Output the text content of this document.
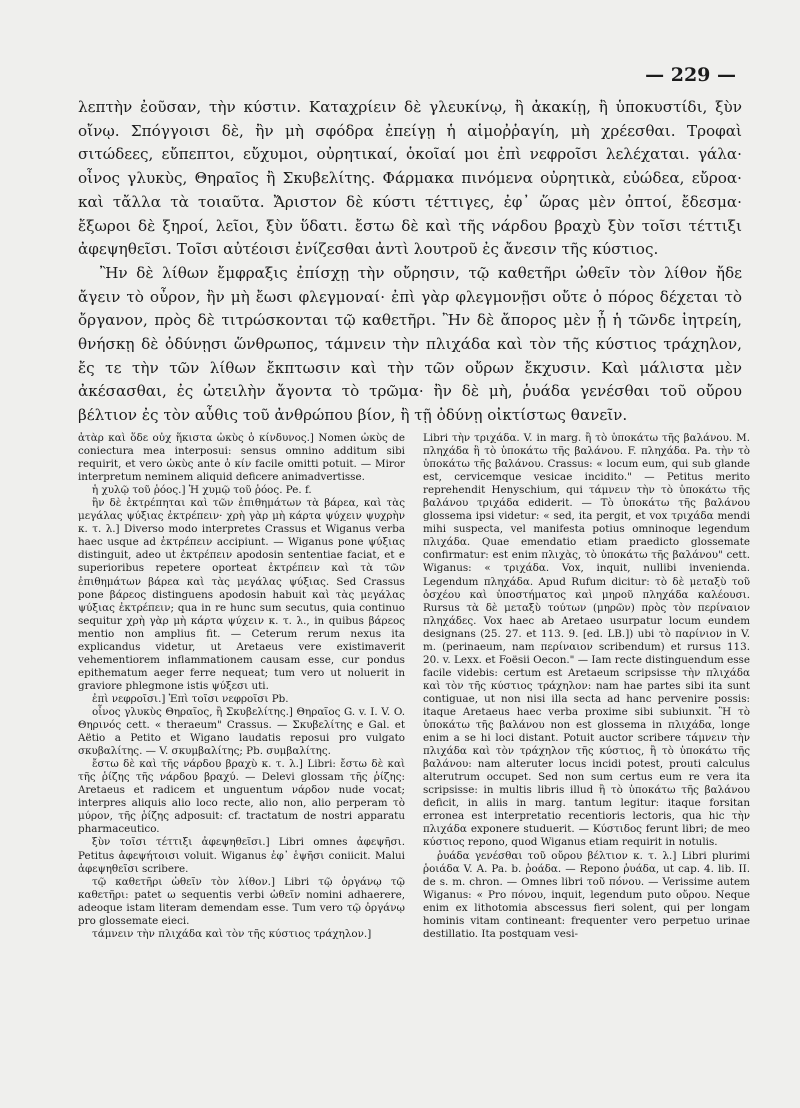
— 229 —

λεπτὴν ἐοῦσαν, τὴν κύστιν. Καταχρίειν δὲ γλευκίνῳ, ἢ ἀκακίῃ, ἢ ὑποκυστίδι, ξὺν οἴνῳ. Σπόγγοισι δὲ, ἢν μὴ σφόδρα ἐπείγῃ ἡ αἱμοῤῥαγίη, μὴ χρέεσθαι. Τροφαὶ σιτώδεες, εὔπεπτοι, εὔχυμοι, οὐρητικαί, ὁκοῖαί μοι ἐπὶ νεφροῖσι λελέχαται. γάλα· οἶνος γλυκὺς, Θηραῖος ἢ Σκυβελίτης. Φάρμακα πινόμενα οὐρητικὰ, εὐώδεα, εὔροα· καὶ τἄλλα τὰ τοιαῦτα. Ἄριστον δὲ κύστι τέττιγες, ἐφ᾽ ὥρας μὲν ὀπτοί, ἔδεσμα· ἔξωροι δὲ ξηροί, λεῖοι, ξὺν ὕδατι. ἔστω δὲ καὶ τῆς νάρδου βραχὺ ξὺν τοῖσι τέττιξι ἀφεψηθεῖσι. Τοῖσι αὐτέοισι ἐνίζεσθαι ἀντὶ λουτροῦ ἐς ἄνεσιν τῆς κύστιος.

Ἢν δὲ λίθων ἔμφραξις ἐπίσχῃ τὴν οὔρησιν, τῷ καθετῆρι ὠθεῖν τὸν λίθον ἤδε ἄγειν τὸ οὖρον, ἢν μὴ ἔωσι φλεγμοναί· ἐπὶ γὰρ φλεγμονῇσι οὔτε ὁ πόρος δέχεται τὸ ὄργανον, πρὸς δὲ τιτρώσκονται τῷ καθετῆρι. Ἢν δὲ ἄπορος μὲν ᾖ ἡ τῶνδε ἰητρείη, θνήσκῃ δὲ ὀδύνῃσι ὥνθρωπος, τάμνειν τὴν πλιχάδα καὶ τὸν τῆς κύστιος τράχηλον, ἔς τε τὴν τῶν λίθων ἔκπτωσιν καὶ τὴν τῶν οὔρων ἔκχυσιν. Καὶ μάλιστα μὲν ἀκέσασθαι, ἐς ὠτειλὴν ἄγοντα τὸ τρῶμα· ἢν δὲ μὴ, ῥυάδα γενέσθαι τοῦ οὔρου βέλτιον ἐς τὸν αὖθις τοῦ ἀνθρώπου βίον, ἢ τῇ ὀδύνῃ οἰκτίστως θανεῖν.

ἀτὰρ καὶ ὅδε οὐχ ἥκιστα ὠκὺς ὁ κίνδυνος.] Nomen ὠκὺς de coniectura mea interposui: sensus omnino additum sibi requirit, et vero ὠκὺς ante ὁ κίν facile omitti potuit. — Miror interpretum neminem aliquid deficere animadvertisse.

ἡ χυλῷ τοῦ ῥόος.] Ἡ χυμῷ τοῦ ῥόος. Pe. f.

ἢν δὲ ἐκτρέπηται καὶ τῶν ἐπιθημάτων τὰ βάρεα, καὶ τὰς μεγάλας ψύξιας ἐκτρέπειν· χρὴ γὰρ μὴ κάρτα ψύχειν ψυχρὴν κ. τ. λ.] Diverso modo interpretes Crassus et Wiganus verba haec usque ad ἐκτρέπειν accipiunt. — Wiganus pone ψύξιας distinguit, adeo ut ἐκτρέπειν apodosin sententiae faciat, et e superioribus repetere oporteat ἐκτρέπειν καὶ τὰ τῶν ἐπιθημάτων βάρεα καὶ τὰς μεγάλας ψύξιας. Sed Crassus pone βάρεος distinguens apodosin habuit καὶ τὰς μεγάλας ψύξιας ἐκτρέπειν; qua in re hunc sum secutus, quia continuo sequitur χρὴ γὰρ μὴ κάρτα ψύχειν κ. τ. λ., in quibus βάρεος mentio non amplius fit. — Ceterum rerum nexus ita explicandus videtur, ut Aretaeus vere existimaverit vehementiorem inflammationem causam esse, cur pondus epithematum aeger ferre nequeat; tum vero ut noluerit in graviore phlegmone istis ψύξεσι uti.

ἐπὶ νεφροῖσι.] Ἐπὶ τοῖσι νεφροῖσι Pb.

οἶνος γλυκὺς Θηραῖος, ἢ Σκυβελίτης.] Θηραῖος G. v. I. V. O. Θηρινός cett. « theraeum" Crassus. — Σκυβελίτης e Gal. et Aëtio a Petito et Wigano laudatis reposui pro vulgato σκυβαλίτης. — V. σκυμβαλίτης; Pb. συμβαλίτης.

ἔστω δὲ καὶ τῆς νάρδου βραχὺ κ. τ. λ.] Libri: ἔστω δὲ καὶ τῆς ῥίζης τῆς νάρδου βραχύ. — Delevi glossam τῆς ῥίζης: Aretaeus et radicem et unguentum νάρδον nude vocat; interpres aliquis alio loco recte, alio non, alio perperam τὸ μύρον, τῆς ῥίζης adposuit: cf. tractatum de nostri apparatu pharmaceutico.

ξὺν τοῖσι τέττιξι ἀφεψηθεῖσι.] Libri omnes ἀφεψῆσι. Petitus ἀφεψήτοισι voluit. Wiganus ἐφ᾽ ἑψῆσι coniicit. Malui ἀφεψηθεῖσι scribere.

τῷ καθετῆρι ὠθεῖν τὸν λίθον.] Libri τῷ ὀργάνῳ τῷ καθετῆρι: patet ω sequentis verbi ὠθεῖν nomini adhaerere, adeoque istam literam demendam esse. Tum vero τῷ ὀργάνῳ pro glossemate eieci.

τάμνειν τὴν πλιχάδα καὶ τὸν τῆς κύστιος τράχηλον.]

Libri τὴν τριχάδα. V. in marg. ἢ τὸ ὑποκάτω τῆς βαλάνου. M. πληχάδα ἢ τὸ ὑποκάτω τῆς βαλάνου. F. πληχάδα. Pa. τὴν τὸ ὑποκάτω τῆς βαλάνου. Crassus: « locum eum, qui sub glande est, cervicemque vesicae incidito." — Petitus merito reprehendit Henyschium, qui τάμνειν τὴν τὸ ὑποκάτω τῆς βαλάνου τριχάδα ediderit. — Τὸ ὑποκάτω τῆς βαλάνου glossema ipsi videtur: « sed, ita pergit, et vox τριχάδα mendi mihi suspecta, vel manifesta potius omninoque legendum πλιχάδα. Quae emendatio etiam praedicto glossemate confirmatur: est enim πλιχὰς, τὸ ὑποκάτω τῆς βαλάνου" cett. Wiganus: « τριχάδα. Vox, inquit, nullibi invenienda. Legendum πληχάδα. Apud Rufum dicitur: τὸ δὲ μεταξὺ τοῦ ὀσχέου καὶ ὑποστήματος καὶ μηροῦ πληχάδα καλέουσι. Rursus τὰ δὲ μεταξὺ τούτων (μηρῶν) πρὸς τὸν περίναιον πληχάδες. Vox haec ab Aretaeo usurpatur locum eundem designans (25. 27. et 113. 9. [ed. LB.]) ubi τὸ παρίνιον in V. m. (perinaeum, nam περίναιον scribendum) et rursus 113. 20. v. Lexx. et Foësii Oecon." — Iam recte distinguendum esse facile videbis: certum est Aretaeum scripsisse τὴν πλιχάδα καὶ τὸν τῆς κύστιος τράχηλον: nam hae partes sibi ita sunt contiguae, ut non nisi illa secta ad hanc pervenire possis: itaque Aretaeus haec verba proxime sibi subiunxit. Ἢ τὸ ὑποκάτω τῆς βαλάνου non est glossema in πλιχάδα, longe enim a se hi loci distant. Potuit auctor scribere τάμνειν τὴν πλιχάδα καὶ τὸν τράχηλον τῆς κύστιος, ἢ τὸ ὑποκάτω τῆς βαλάνου: nam alteruter locus incidi potest, prouti calculus alterutrum occupet. Sed non sum certus eum re vera ita scripsisse: in multis libris illud ἢ τὸ ὑποκάτω τῆς βαλάνου deficit, in aliis in marg. tantum legitur: itaque forsitan erronea est interpretatio recentioris lectoris, qua hic τὴν πλιχάδα exponere studuerit. — Κύστιδος ferunt libri; de meo κύστιος repono, quod Wiganus etiam requirit in notulis.

ῥυάδα γενέσθαι τοῦ οὔρου βέλτιον κ. τ. λ.] Libri plurimi ῥοιάδα V. A. Pa. b. ῥοάδα. — Repono ῥυάδα, ut cap. 4. lib. II. de s. m. chron. — Omnes libri τοῦ πόνου. — Verissime autem Wiganus: « Pro πόνου, inquit, legendum puto οὔρου. Neque enim ex lithotomia abscessus fieri solent, qui per longam hominis vitam contineant: frequenter vero perpetuo urinae destillatio. Ita postquam vesi-
